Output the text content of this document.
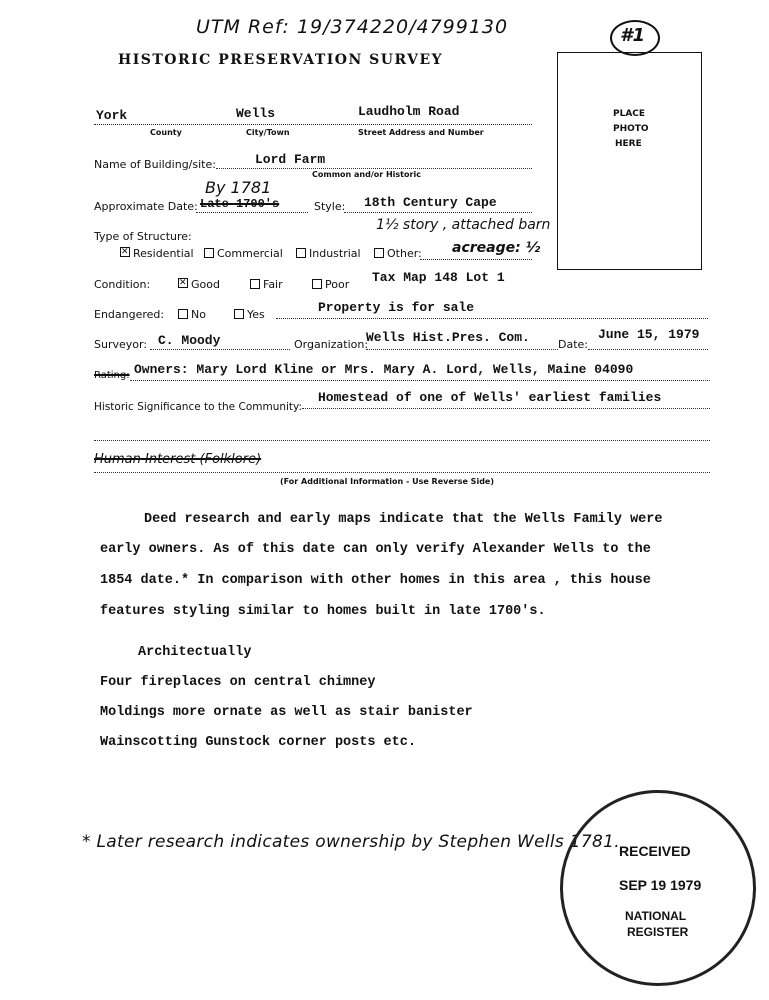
UTM Ref: 19/374220/4799130	#1
HISTORIC PRESERVATION SURVEY
PLACE
PHOTO
HERE
York	Wells	Laudholm Road
County	City/Town	Street Address and Number
Name of Building/site:	Lord Farm
Common and/or Historic
By 1781
Approximate Date: Late 1700's	Style: 18th Century Cape
1½ story , attached barn
Type of Structure:
✕Residential	Commercial	Industrial	Other: acreage: ½
Condition:
✕	Good	Fair	Poor Tax Map 148 Lot 1
Endangered:	No	Yes	Property is for sale
Surveyor: C. Moody	Organization:
Wells Hist.Pres. Com.	Date:
June 15, 1979
Rating: Owners: Mary Lord Kline or Mrs. Mary A. Lord, Wells, Maine 04090
Historic Significance to the Community:
Homestead of one of Wells' earliest families
Human Interest (Folklore)
(For Additional Information - Use Reverse Side)
Deed research and early maps indicate that the Wells Family were
early owners. As of this date can only verify Alexander Wells to the
1854 date.* In comparison with other homes in this area , this house
features styling similar to homes built in late 1700's.
Architectually
Four fireplaces on central chimney
Moldings more ornate as well as stair banister
Wainscotting Gunstock corner posts etc.
* Later research indicates ownership by Stephen Wells 1781. RECEIVED
SEP 19 1979
NATIONAL
REGISTER
